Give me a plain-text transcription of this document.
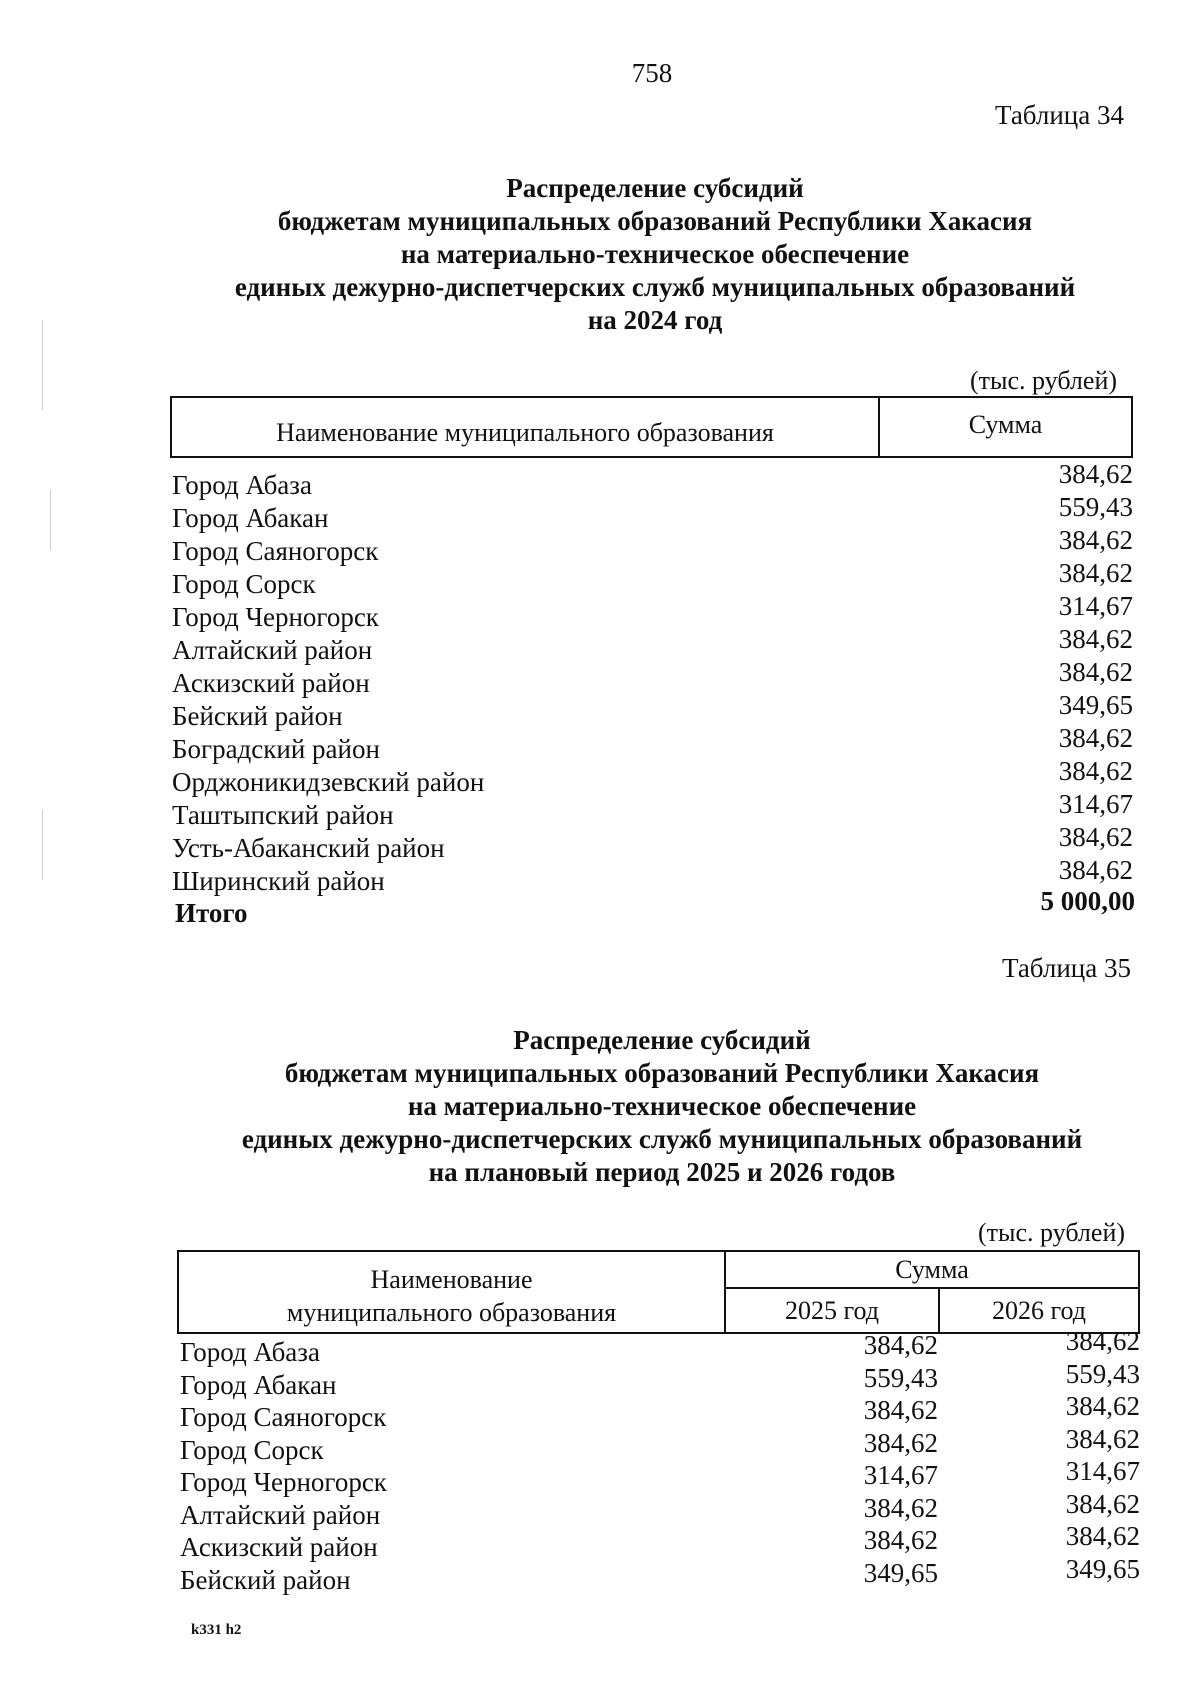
758
Таблица 34
Распределение субсидий
бюджетам муниципальных образований Республики Хакасия
на материально-техническое обеспечение
единых дежурно-диспетчерских служб муниципальных образований
на 2024 год
(тыс. рублей)
Наименование муниципального образования	Сумма
Город Абаза	384,62
Город Абакан	559,43
Город Саяногорск	384,62
Город Сорск	384,62
Город Черногорск	314,67
Алтайский район	384,62
Аскизский район	384,62
Бейский район	349,65
Боградский район	384,62
Орджоникидзевский район	384,62
Таштыпский район	314,67
Усть-Абаканский район	384,62
Ширинский район	384,62
Итого	5 000,00
Таблица 35
Распределение субсидий
бюджетам муниципальных образований Республики Хакасия
на материально-техническое обеспечение
единых дежурно-диспетчерских служб муниципальных образований
на плановый период 2025 и 2026 годов
(тыс. рублей)
Наименование
муниципального образования
Сумма
2025 год	2026 год
Город Абаза	384,62	384,62
Город Абакан	559,43	559,43
Город Саяногорск	384,62	384,62
Город Сорск	384,62	384,62
Город Черногорск	314,67	314,67
Алтайский район	384,62	384,62
Аскизский район	384,62	384,62
Бейский район	349,65	349,65
k331 h2
